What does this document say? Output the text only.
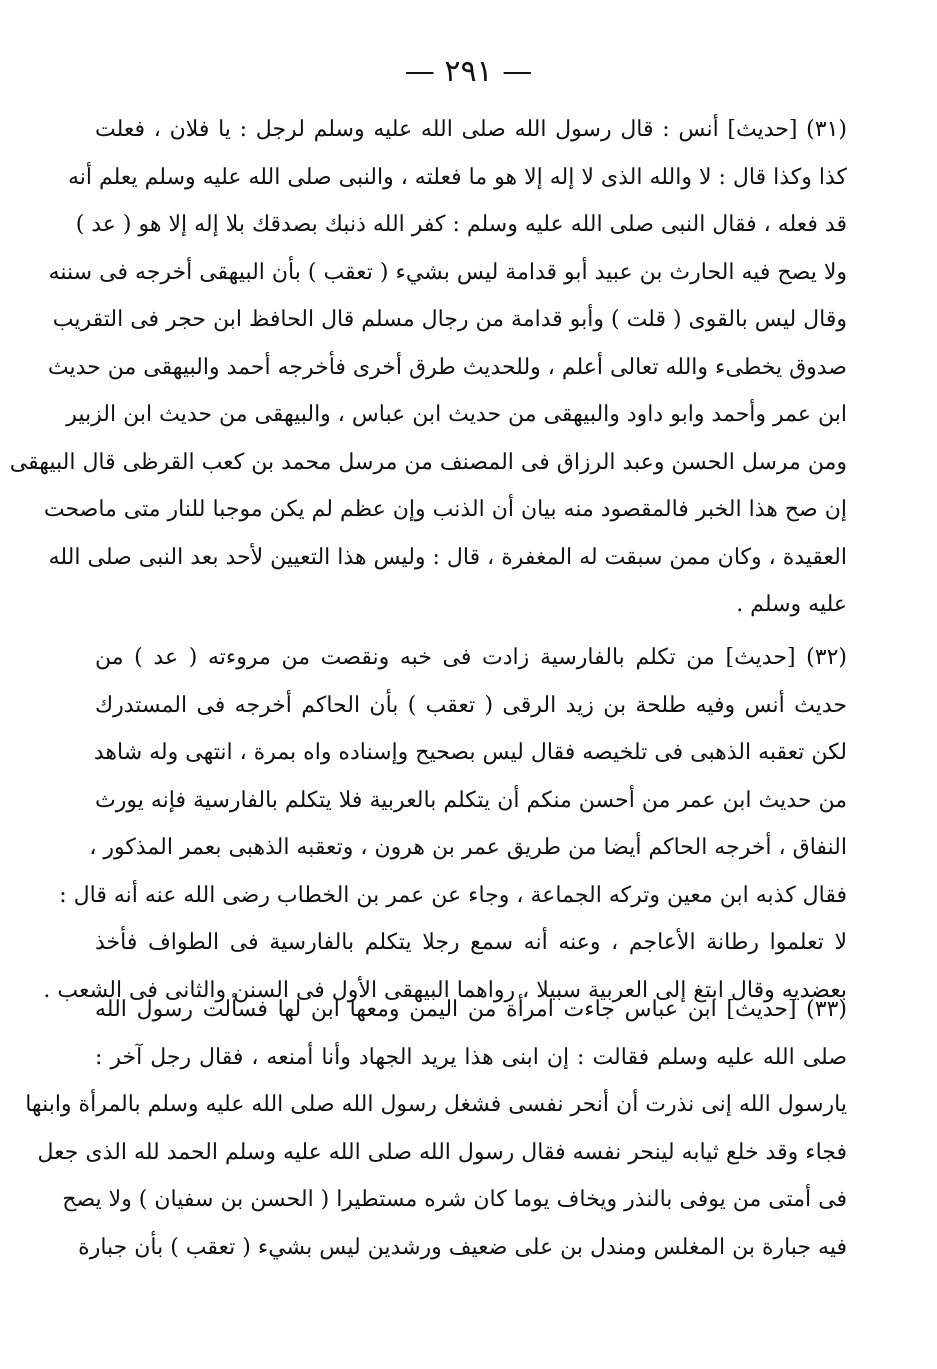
— ٢٩١ —
(٣١) [حديث] أنس : قال رسول الله صلى الله عليه وسلم لرجل : يا فلان ، فعلت
كذا وكذا قال : لا والله الذى لا إله إلا هو ما فعلته ، والنبى صلى الله عليه وسلم يعلم أنه
قد فعله ، فقال النبى صلى الله عليه وسلم : كفر الله ذنبك بصدقك بلا إله إلا هو ( عد )
ولا يصح فيه الحارث بن عبيد أبو قدامة ليس بشيء ( تعقب ) بأن البيهقى أخرجه فى سننه
وقال ليس بالقوى ( قلت ) وأبو قدامة من رجال مسلم قال الحافظ ابن حجر فى التقريب
صدوق يخطىء والله تعالى أعلم ، وللحديث طرق أخرى فأخرجه أحمد والبيهقى من حديث
ابن عمر وأحمد وابو داود والبيهقى من حديث ابن عباس ، والبيهقى من حديث ابن الزبير
ومن مرسل الحسن وعبد الرزاق فى المصنف من مرسل محمد بن كعب القرظى قال البيهقى
إن صح هذا الخبر فالمقصود منه بيان أن الذنب وإن عظم لم يكن موجبا للنار متى ماصحت
العقيدة ، وكان ممن سبقت له المغفرة ، قال : وليس هذا التعيين لأحد بعد النبى صلى الله
عليه وسلم .
(٣٢) [حديث] من تكلم بالفارسية زادت فى خبه ونقصت من مروءته ( عد ) من
حديث أنس وفيه طلحة بن زيد الرقى ( تعقب ) بأن الحاكم أخرجه فى المستدرك
لكن تعقبه الذهبى فى تلخيصه فقال ليس بصحيح وإسناده واه بمرة ، انتهى وله شاهد
من حديث ابن عمر من أحسن منكم أن يتكلم بالعربية فلا يتكلم بالفارسية فإنه يورث
النفاق ، أخرجه الحاكم أيضا من طريق عمر بن هرون ، وتعقبه الذهبى بعمر المذكور ،
فقال كذبه ابن معين وتركه الجماعة ، وجاء عن عمر بن الخطاب رضى الله عنه أنه قال :
لا تعلموا رطانة الأعاجم ، وعنه أنه سمع رجلا يتكلم بالفارسية فى الطواف فأخذ
بعضديه وقال ابتغ إلى العربية سبيلا ، رواهما البيهقى الأول فى السنن والثانى فى الشعب .
(٣٣) [حديث] ابن عباس جاءت امرأة من اليمن ومعها ابن لها فسألت رسول الله
صلى الله عليه وسلم فقالت : إن ابنى هذا يريد الجهاد وأنا أمنعه ، فقال رجل آخر :
يارسول الله إنى نذرت أن أنحر نفسى فشغل رسول الله صلى الله عليه وسلم بالمرأة وابنها
فجاء وقد خلع ثيابه لينحر نفسه فقال رسول الله صلى الله عليه وسلم الحمد لله الذى جعل
فى أمتى من يوفى بالنذر ويخاف يوما كان شره مستطيرا ( الحسن بن سفيان ) ولا يصح
فيه جبارة بن المغلس ومندل بن على ضعيف ورشدين ليس بشيء ( تعقب ) بأن جبارة
